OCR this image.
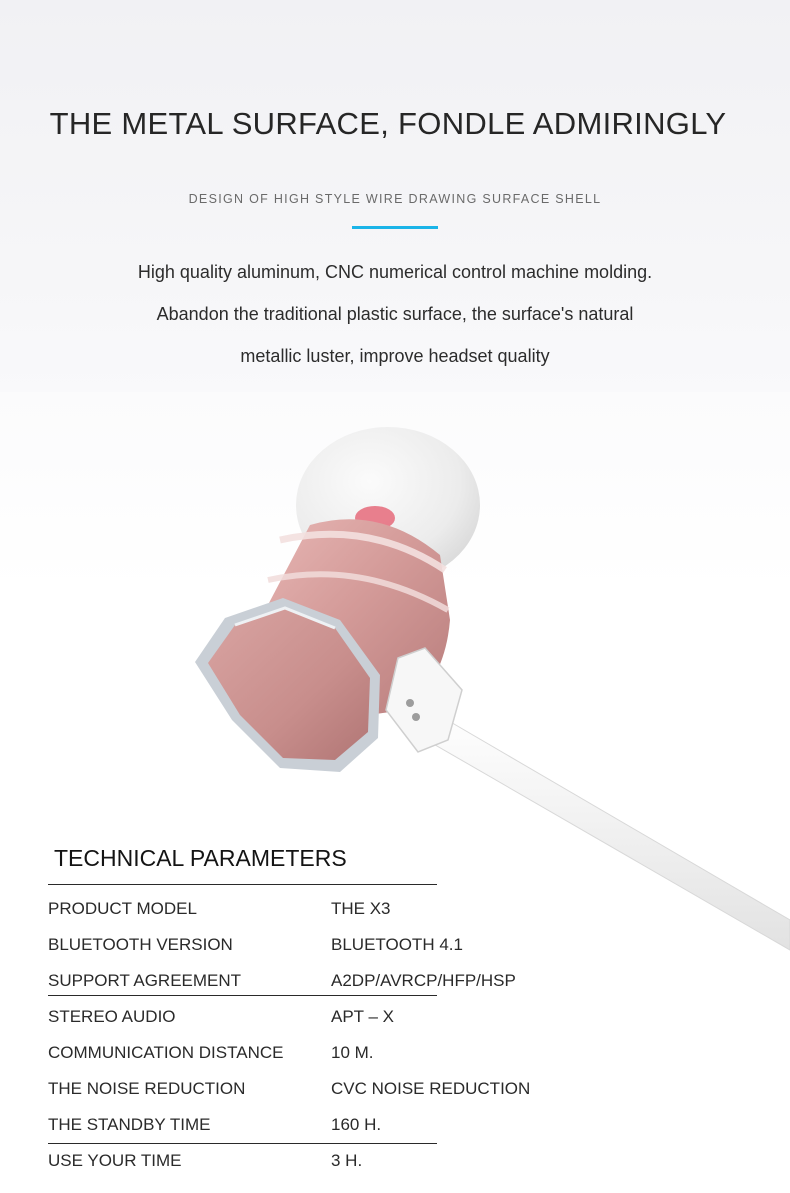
THE METAL SURFACE, FONDLE ADMIRINGLY
DESIGN OF HIGH STYLE WIRE DRAWING SURFACE SHELL
High quality aluminum, CNC numerical control machine molding.
Abandon the traditional plastic surface, the surface's natural
metallic luster, improve headset quality
TECHNICAL PARAMETERS
PRODUCT MODEL	THE X3
BLUETOOTH VERSION	BLUETOOTH 4.1
SUPPORT AGREEMENT	A2DP/AVRCP/HFP/HSP
STEREO AUDIO	APT – X
COMMUNICATION DISTANCE	10 M.
THE NOISE REDUCTION	CVC NOISE REDUCTION
THE STANDBY TIME	160 H.
USE YOUR TIME	3 H.
